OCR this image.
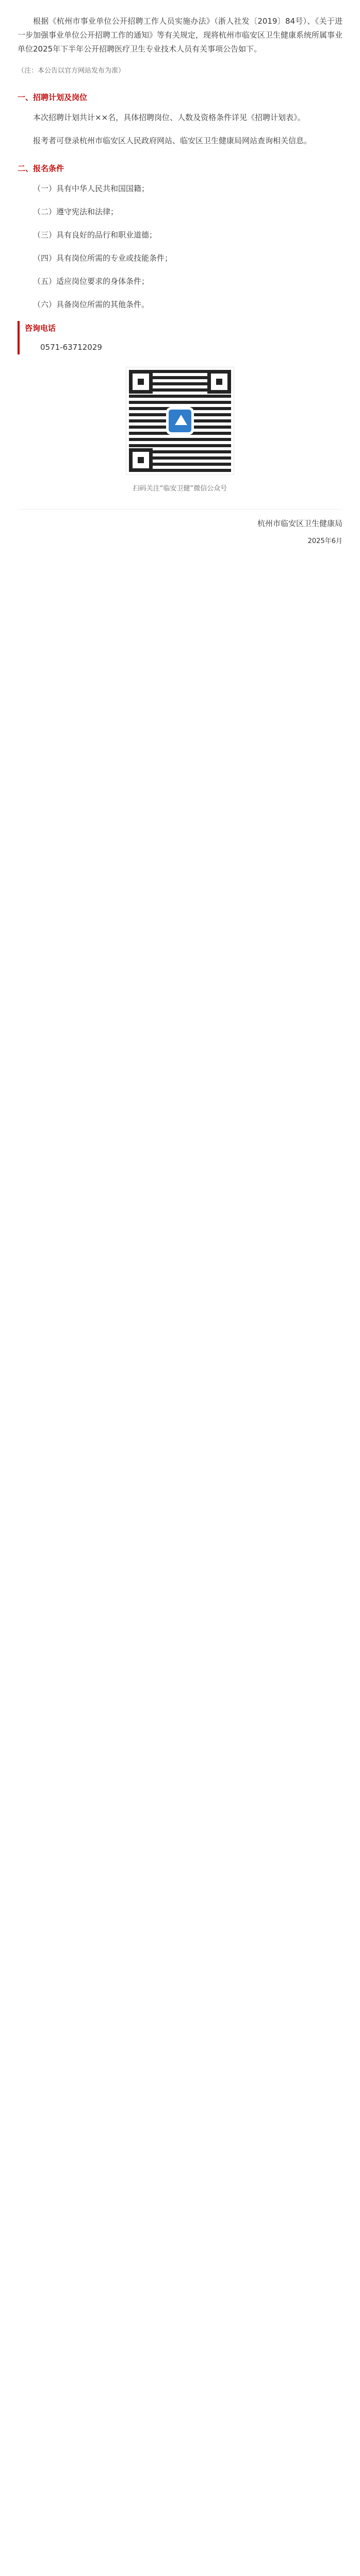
根据《杭州市事业单位公开招聘工作人员实施办法》（浙人社发〔2019〕84号）、《关于进一步加强事业单位公开招聘工作的通知》等有关规定，现将杭州市临安区卫生健康系统所属事业单位2025年下半年公开招聘医疗卫生专业技术人员有关事项公告如下。

（注：本公告以官方网站发布为准）

一、招聘计划及岗位

本次招聘计划共计××名，具体招聘岗位、人数及资格条件详见《招聘计划表》。

报考者可登录杭州市临安区人民政府网站、临安区卫生健康局网站查询相关信息。

二、报名条件

（一）具有中华人民共和国国籍；

（二）遵守宪法和法律；

（三）具有良好的品行和职业道德；

（四）具有岗位所需的专业或技能条件；

（五）适应岗位要求的身体条件；

（六）具备岗位所需的其他条件。

咨询电话
0571-63712029
扫码关注“临安卫健”微信公众号
杭州市临安区卫生健康局
2025年6月
